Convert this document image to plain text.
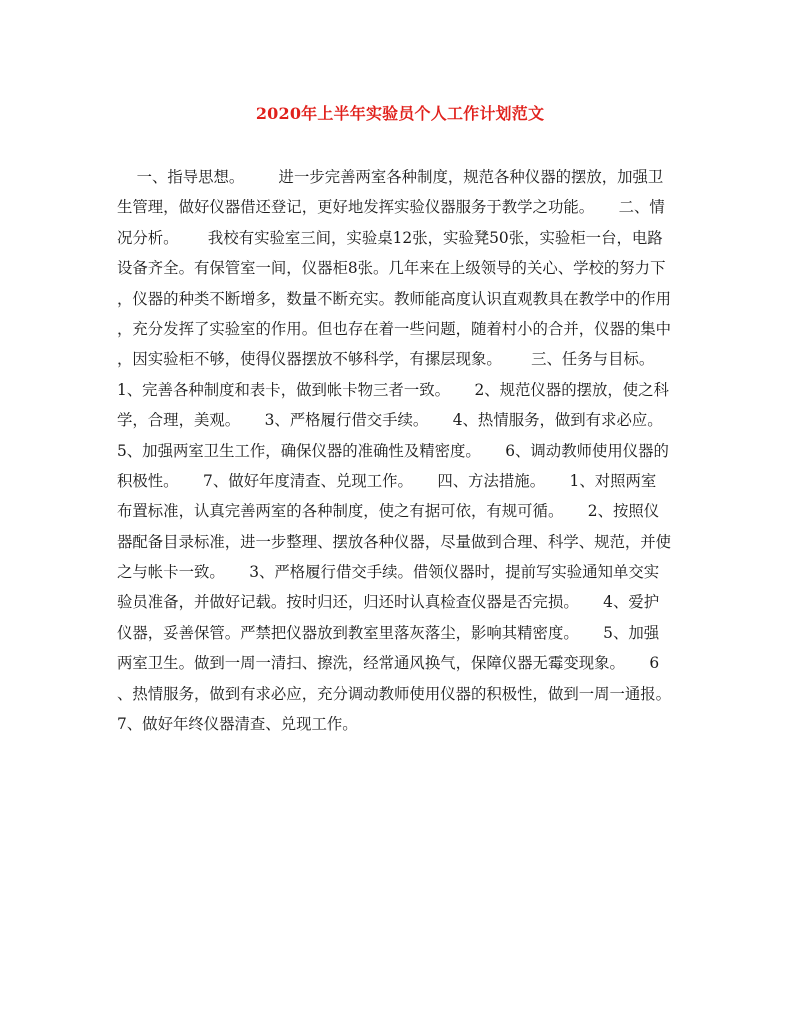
2020年上半年实验员个人工作计划范文
一、指导思想。       进一步完善两室各种制度，规范各种仪器的摆放，加强卫
生管理，做好仪器借还登记，更好地发挥实验仪器服务于教学之功能。     二、情
况分析。      我校有实验室三间，实验桌12张，实验凳50张，实验柜一台，电路
设备齐全。有保管室一间，仪器柜8张。几年来在上级领导的关心、学校的努力下
，仪器的种类不断增多，数量不断充实。教师能高度认识直观教具在教学中的作用
，充分发挥了实验室的作用。但也存在着一些问题，随着村小的合并，仪器的集中
，因实验柜不够，使得仪器摆放不够科学，有摞层现象。      三、任务与目标。
1、完善各种制度和表卡，做到帐卡物三者一致。     2、规范仪器的摆放，使之科
学，合理，美观。     3、严格履行借交手续。     4、热情服务，做到有求必应。
5、加强两室卫生工作，确保仪器的准确性及精密度。     6、调动教师使用仪器的
积极性。     7、做好年度清查、兑现工作。     四、方法措施。     1、对照两室
布置标准，认真完善两室的各种制度，使之有据可依，有规可循。     2、按照仪
器配备目录标准，进一步整理、摆放各种仪器，尽量做到合理、科学、规范，并使
之与帐卡一致。     3、严格履行借交手续。借领仪器时，提前写实验通知单交实
验员准备，并做好记载。按时归还，归还时认真检查仪器是否完损。     4、爱护
仪器，妥善保管。严禁把仪器放到教室里落灰落尘，影响其精密度。     5、加强
两室卫生。做到一周一清扫、擦洗，经常通风换气，保障仪器无霉变现象。     6
、热情服务，做到有求必应，充分调动教师使用仪器的积极性，做到一周一通报。
7、做好年终仪器清查、兑现工作。
